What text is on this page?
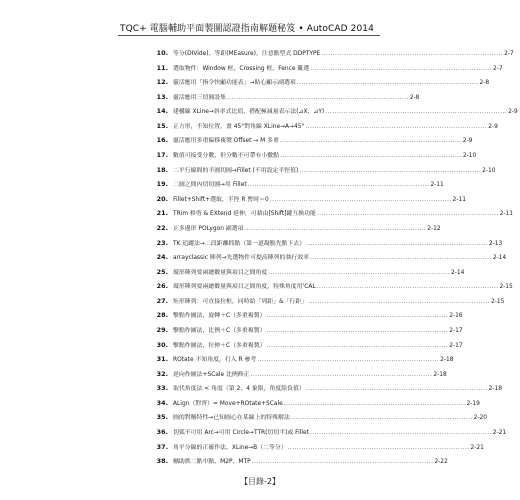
TQC+ 電腦輔助平面製圖認證指南解題秘笈 • AutoCAD 2014
10. 等分(DIVide)、等距(MEasure)，注意點型式 DDPTYPE ................................................................................ 2-7
11. 選取物件：Window 框、Crossing 框、Fence 籬選 ................................................................................ 2-7
12. 靈活應用「指令快顯功能表」→貼心顯示副選項 ................................................................................ 2-8
13. 靈活應用三切圓設集 ................................................................................ 2-8
14. 建構線 XLine→斜率式比值，搭配極減量表示法(⊿X，⊿Y) ................................................................................ 2-9
15. 正方形，不知位置，畫 45°對角線 XLine→A→45° ................................................................................ 2-9
16. 靈活應用多重偏移複製 Offset → M 多重 ................................................................................ 2-9
17. 數值可接受分數，但分數不可帶有小數點 ................................................................................ 2-10
18. 二平行線間的半圓切圓→Fillet (不用設定半徑值) ................................................................................ 2-10
19. 二圓之間內切切圓→用 Fillet ................................................................................ 2-11
20. Fillet+Shift+選取，半徑 R 暫時＝0 ................................................................................ 2-11
21. TRim 修剪 & EXtend 延伸，可藉由[Shift]鍵互換功能 ................................................................................ 2-11
22. 正多邊形 POLygon 副選項 ................................................................................ 2-12
23. TK 追蹤法→二段距離抓點（第一道凝點先點下去） ................................................................................ 2-13
24. arrayclassic 陣列→先選物件可提高陣列的執行效率 ................................................................................ 2-14
25. 環形陣列要兩總數量與項目之間角度 ................................................................................ 2-14
26. 環形陣列要兩總數量與項目之間角度，特殊角度用'CAL ................................................................................ 2-15
27. 矩形陣列：可直接拉框，同時給「列距」&「行距」 ................................................................................ 2-15
28. 擊點作圖法，旋轉＋C（多重複製） ................................................................................ 2-16
29. 擊點作圖法，比例＋C（多重複製） ................................................................................ 2-17
30. 擊點作圖法，拉伸＋C（多重複製） ................................................................................ 2-17
31. ROtate 不知角度，打入 R 參考 ................................................................................ 2-18
32. 逆向作圖法+SCale 比例修正 ................................................................................ 2-18
33. 取代角度法 < 角度（第 2、4 象限，角度給負值） ................................................................................ 2-18
34. ALign（對齊）= Move+ROtate+SCale ................................................................................ 2-19
35. 圓的對稱特性→已知圓心在某線上的特殊解法 ................................................................................ 2-20
36. 切弧不可用 Arc→可用 Circle→TTR(切切半)或 Fillet ................................................................................ 2-21
37. 角平分線的正確作法，XLine→B（二等分） ................................................................................ 2-21
38. 輔助抓二點中點，M2P、MTP ................................................................................ 2-22
【目錄-2】
